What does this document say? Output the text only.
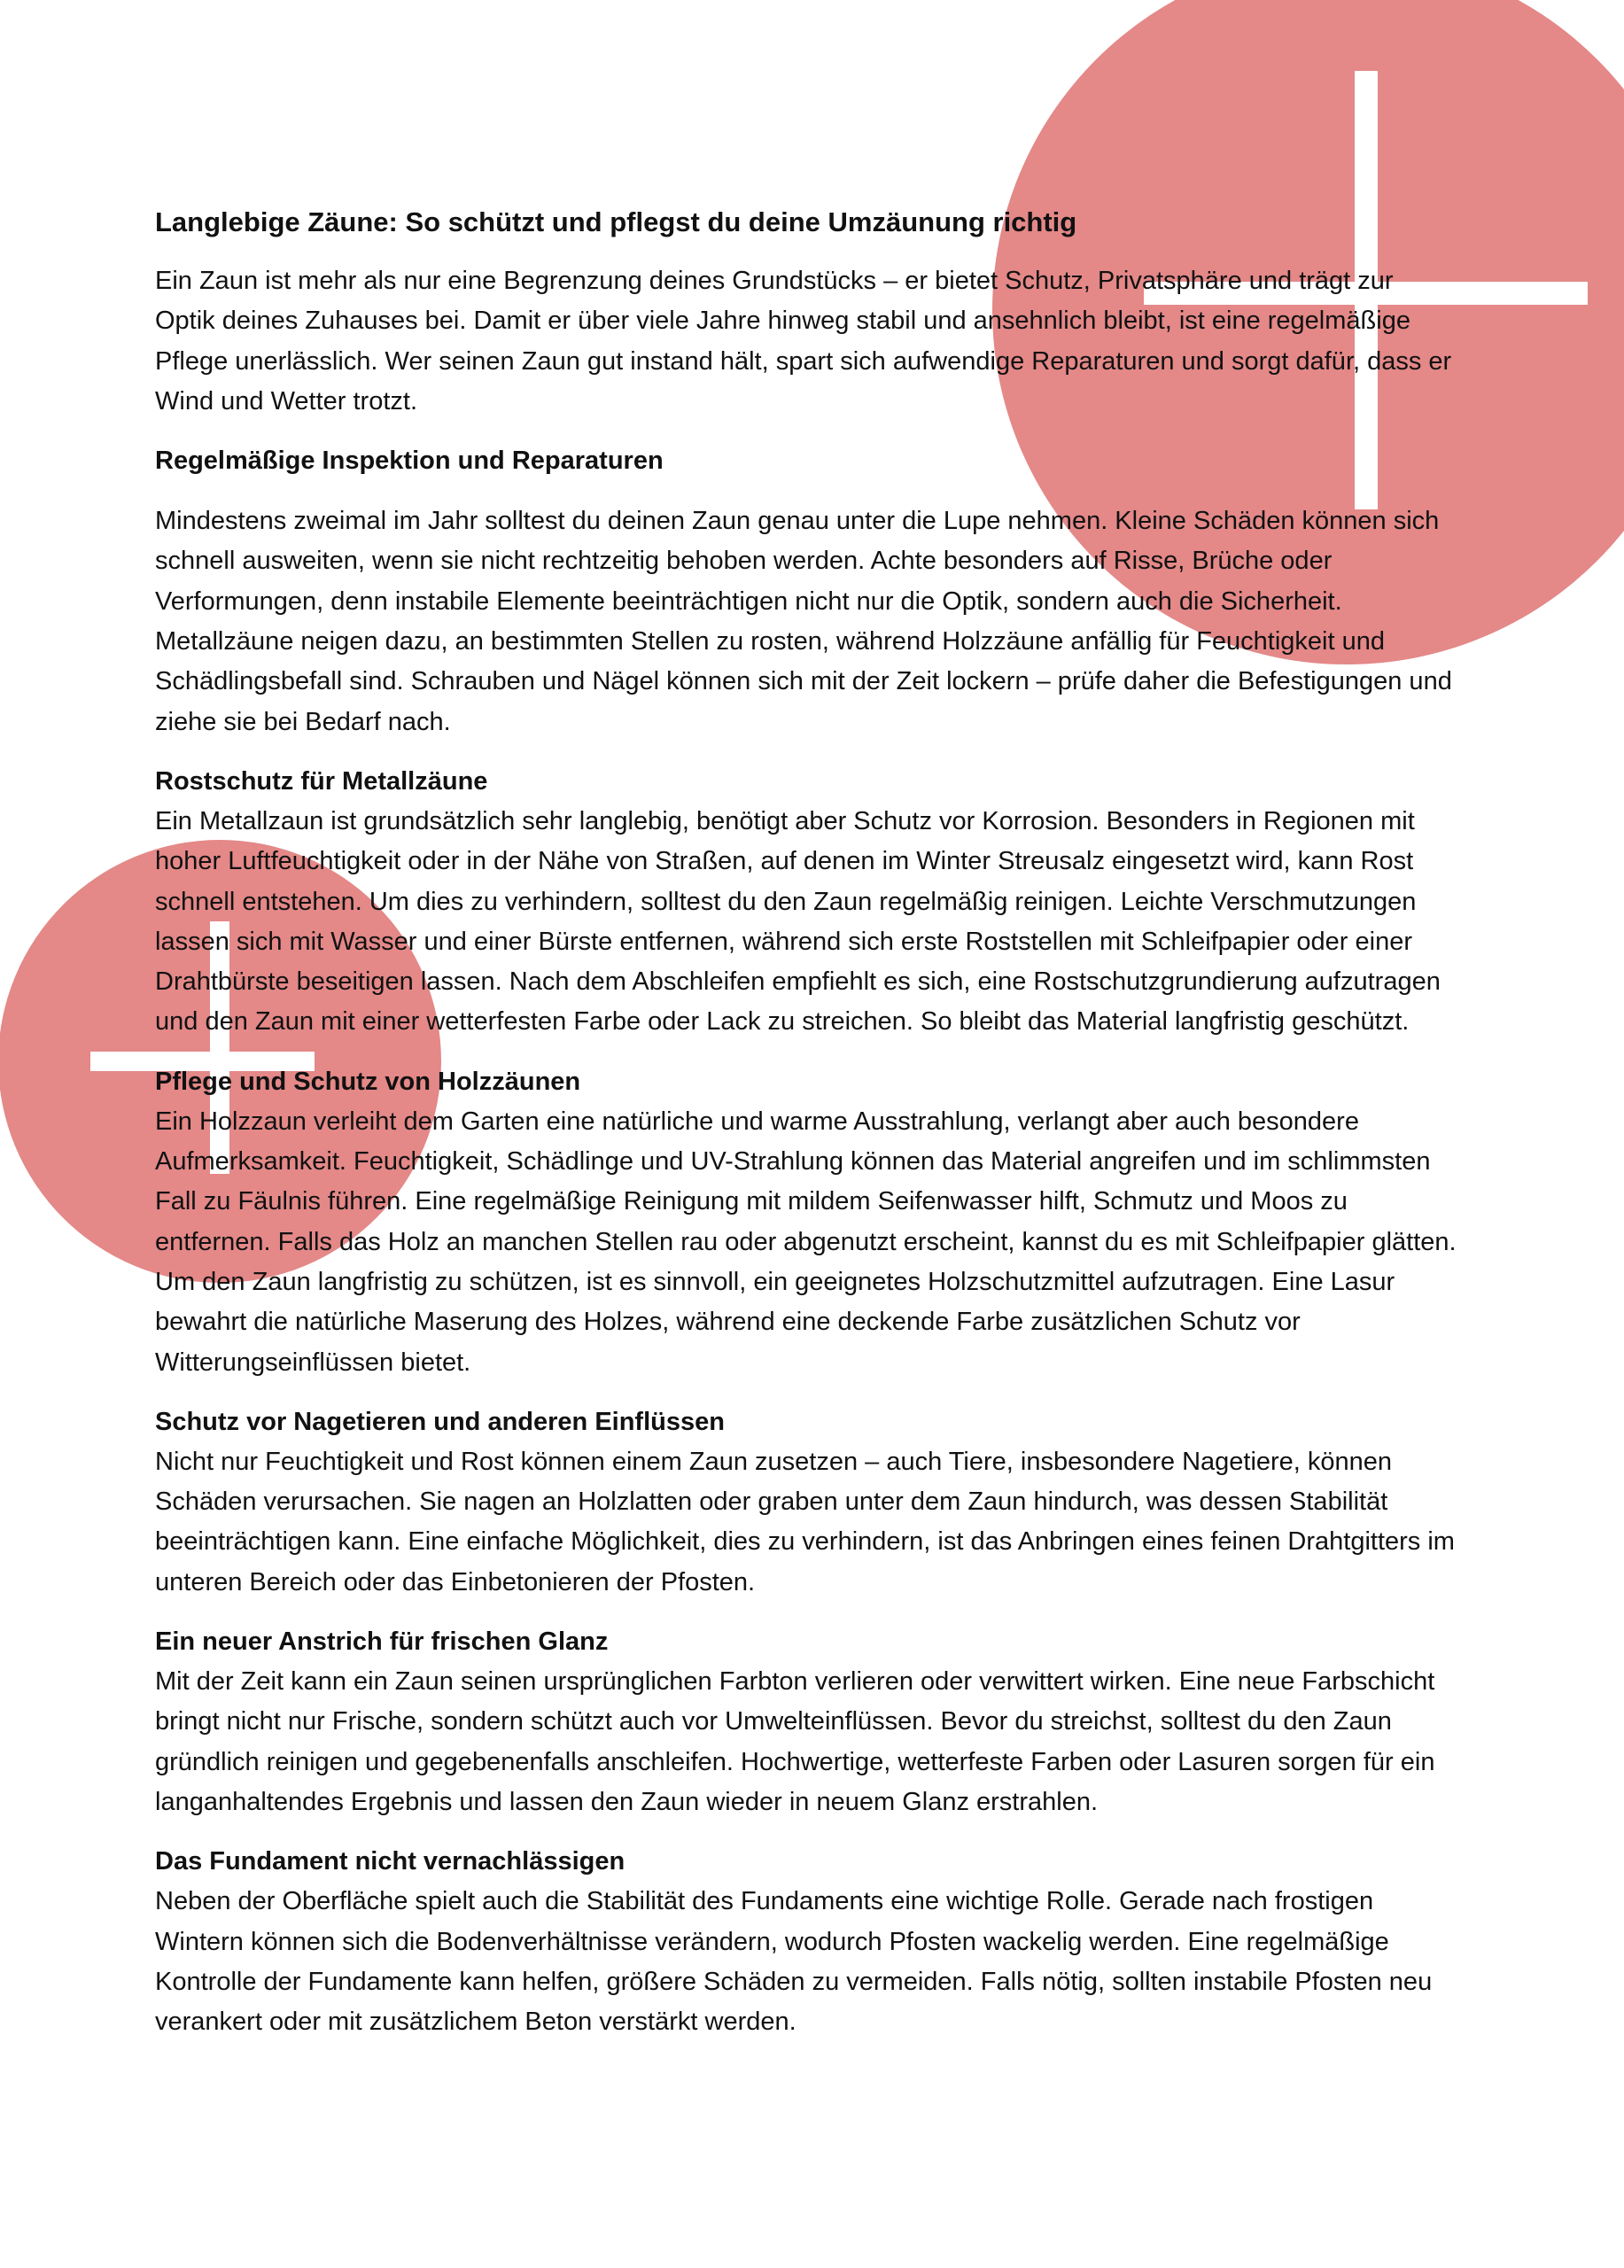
Langlebige Zäune: So schützt und pflegst du deine Umzäunung richtig

Ein Zaun ist mehr als nur eine Begrenzung deines Grundstücks – er bietet Schutz, Privatsphäre und trägt zur Optik deines Zuhauses bei. Damit er über viele Jahre hinweg stabil und ansehnlich bleibt, ist eine regelmäßige Pflege unerlässlich. Wer seinen Zaun gut instand hält, spart sich aufwendige Reparaturen und sorgt dafür, dass er Wind und Wetter trotzt.

Regelmäßige Inspektion und Reparaturen

Mindestens zweimal im Jahr solltest du deinen Zaun genau unter die Lupe nehmen. Kleine Schäden können sich schnell ausweiten, wenn sie nicht rechtzeitig behoben werden. Achte besonders auf Risse, Brüche oder Verformungen, denn instabile Elemente beeinträchtigen nicht nur die Optik, sondern auch die Sicherheit. Metallzäune neigen dazu, an bestimmten Stellen zu rosten, während Holzzäune anfällig für Feuchtigkeit und Schädlingsbefall sind. Schrauben und Nägel können sich mit der Zeit lockern – prüfe daher die Befestigungen und ziehe sie bei Bedarf nach.

Rostschutz für Metallzäune

Ein Metallzaun ist grundsätzlich sehr langlebig, benötigt aber Schutz vor Korrosion. Besonders in Regionen mit hoher Luftfeuchtigkeit oder in der Nähe von Straßen, auf denen im Winter Streusalz eingesetzt wird, kann Rost schnell entstehen. Um dies zu verhindern, solltest du den Zaun regelmäßig reinigen. Leichte Verschmutzungen lassen sich mit Wasser und einer Bürste entfernen, während sich erste Roststellen mit Schleifpapier oder einer Drahtbürste beseitigen lassen. Nach dem Abschleifen empfiehlt es sich, eine Rostschutzgrundierung aufzutragen und den Zaun mit einer wetterfesten Farbe oder Lack zu streichen. So bleibt das Material langfristig geschützt.

Pflege und Schutz von Holzzäunen

Ein Holzzaun verleiht dem Garten eine natürliche und warme Ausstrahlung, verlangt aber auch besondere Aufmerksamkeit. Feuchtigkeit, Schädlinge und UV-Strahlung können das Material angreifen und im schlimmsten Fall zu Fäulnis führen. Eine regelmäßige Reinigung mit mildem Seifenwasser hilft, Schmutz und Moos zu entfernen. Falls das Holz an manchen Stellen rau oder abgenutzt erscheint, kannst du es mit Schleifpapier glätten. Um den Zaun langfristig zu schützen, ist es sinnvoll, ein geeignetes Holzschutzmittel aufzutragen. Eine Lasur bewahrt die natürliche Maserung des Holzes, während eine deckende Farbe zusätzlichen Schutz vor Witterungseinflüssen bietet.

Schutz vor Nagetieren und anderen Einflüssen

Nicht nur Feuchtigkeit und Rost können einem Zaun zusetzen – auch Tiere, insbesondere Nagetiere, können Schäden verursachen. Sie nagen an Holzlatten oder graben unter dem Zaun hindurch, was dessen Stabilität beeinträchtigen kann. Eine einfache Möglichkeit, dies zu verhindern, ist das Anbringen eines feinen Drahtgitters im unteren Bereich oder das Einbetonieren der Pfosten.

Ein neuer Anstrich für frischen Glanz

Mit der Zeit kann ein Zaun seinen ursprünglichen Farbton verlieren oder verwittert wirken. Eine neue Farbschicht bringt nicht nur Frische, sondern schützt auch vor Umwelteinflüssen. Bevor du streichst, solltest du den Zaun gründlich reinigen und gegebenenfalls anschleifen. Hochwertige, wetterfeste Farben oder Lasuren sorgen für ein langanhaltendes Ergebnis und lassen den Zaun wieder in neuem Glanz erstrahlen.

Das Fundament nicht vernachlässigen

Neben der Oberfläche spielt auch die Stabilität des Fundaments eine wichtige Rolle. Gerade nach frostigen Wintern können sich die Bodenverhältnisse verändern, wodurch Pfosten wackelig werden. Eine regelmäßige Kontrolle der Fundamente kann helfen, größere Schäden zu vermeiden. Falls nötig, sollten instabile Pfosten neu verankert oder mit zusätzlichem Beton verstärkt werden.
